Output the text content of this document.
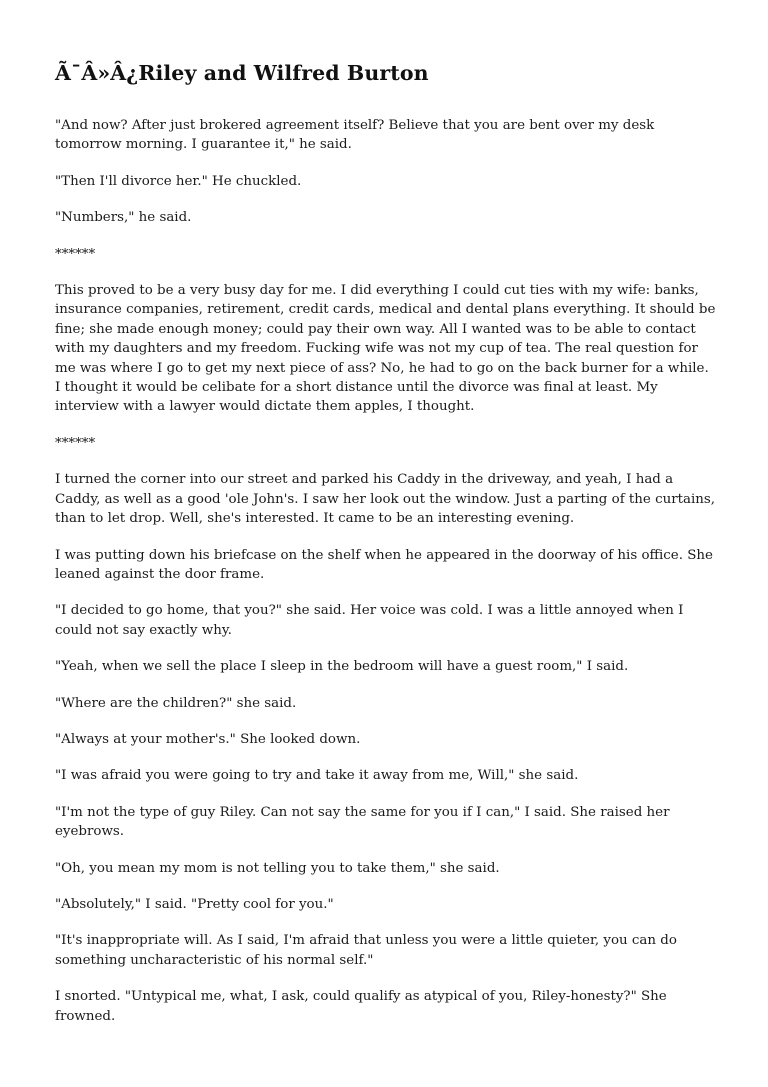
Ã¯Â»Â¿Riley and Wilfred Burton

"And now? After just brokered agreement itself? Believe that you are bent over my desk tomorrow morning. I guarantee it," he said.

"Then I'll divorce her." He chuckled.

"Numbers," he said.

******

This proved to be a very busy day for me. I did everything I could cut ties with my wife: banks, insurance companies, retirement, credit cards, medical and dental plans everything. It should be fine; she made enough money; could pay their own way. All I wanted was to be able to contact with my daughters and my freedom. Fucking wife was not my cup of tea. The real question for me was where I go to get my next piece of ass? No, he had to go on the back burner for a while. I thought it would be celibate for a short distance until the divorce was final at least. My interview with a lawyer would dictate them apples, I thought.

******

I turned the corner into our street and parked his Caddy in the driveway, and yeah, I had a Caddy, as well as a good 'ole John's. I saw her look out the window. Just a parting of the curtains, than to let drop. Well, she's interested. It came to be an interesting evening.

I was putting down his briefcase on the shelf when he appeared in the doorway of his office. She leaned against the door frame.

"I decided to go home, that you?" she said. Her voice was cold. I was a little annoyed when I could not say exactly why.

"Yeah, when we sell the place I sleep in the bedroom will have a guest room," I said.

"Where are the children?" she said.

"Always at your mother's." She looked down.

"I was afraid you were going to try and take it away from me, Will," she said.

"I'm not the type of guy Riley. Can not say the same for you if I can," I said. She raised her eyebrows.

"Oh, you mean my mom is not telling you to take them," she said.

"Absolutely," I said. "Pretty cool for you."

"It's inappropriate will. As I said, I'm afraid that unless you were a little quieter, you can do something uncharacteristic of his normal self."

I snorted. "Untypical me, what, I ask, could qualify as atypical of you, Riley-honesty?" She frowned.
